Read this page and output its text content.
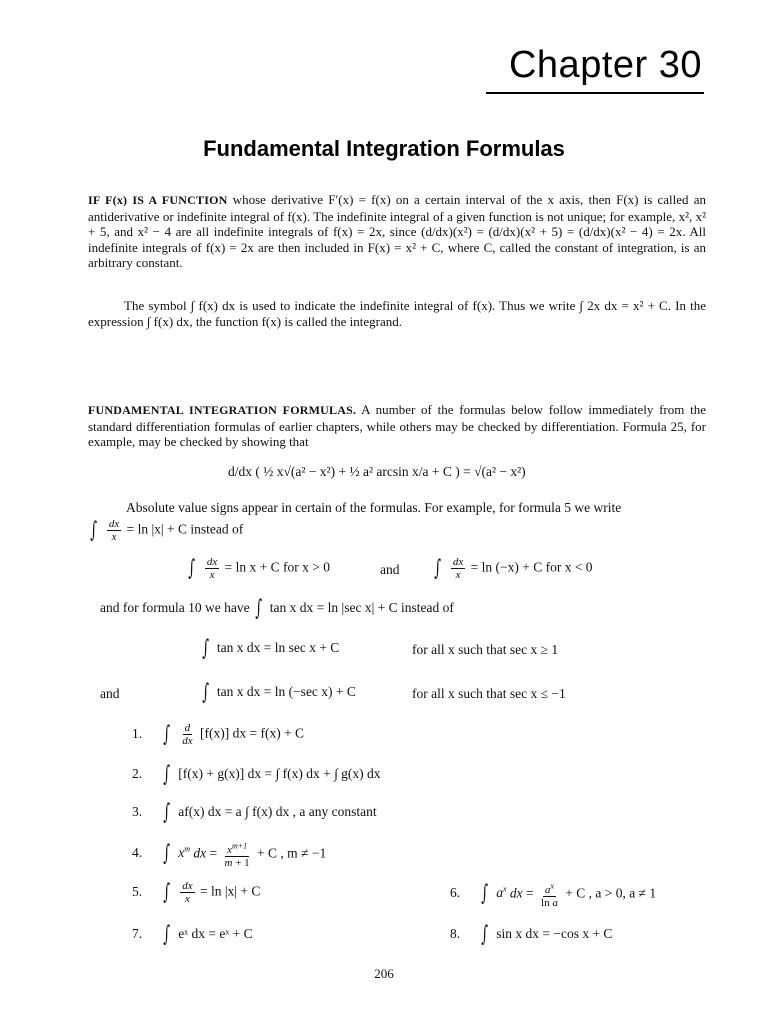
Chapter 30
Fundamental Integration Formulas
IF F(x) IS A FUNCTION whose derivative F′(x) = f(x) on a certain interval of the x axis, then F(x) is called an antiderivative or indefinite integral of f(x). The indefinite integral of a given function is not unique; for example, x², x² + 5, and x² − 4 are all indefinite integrals of f(x) = 2x, since (d/dx)(x²) = (d/dx)(x² + 5) = (d/dx)(x² − 4) = 2x. All indefinite integrals of f(x) = 2x are then included in F(x) = x² + C, where C, called the constant of integration, is an arbitrary constant.
The symbol ∫ f(x) dx is used to indicate the indefinite integral of f(x). Thus we write ∫ 2x dx = x² + C. In the expression ∫ f(x) dx, the function f(x) is called the integrand.
FUNDAMENTAL INTEGRATION FORMULAS. A number of the formulas below follow immediately from the standard differentiation formulas of earlier chapters, while others may be checked by differentiation. Formula 25, for example, may be checked by showing that
d/dx ( ½ x√(a² − x²) + ½ a² arcsin x/a + C ) = √(a² − x²)
Absolute value signs appear in certain of the formulas. For example, for formula 5 we write
∫ $\frac{dx}{x} = \ln |x| + C$ instead of
∫ $\frac{dx}{x} = \ln x + C$ for x > 0	and ∫ $\frac{dx}{x} = \ln (-x) + C$ for x < 0
and for formula 10 we have ∫ tan x dx = ln |sec x| + C instead of
∫ tan x dx = ln sec x + C	for all x such that sec x ≥ 1
and	∫ tan x dx = ln (−sec x) + C	for all x such that sec x ≤ −1
1. ∫ $\frac{d}{dx} [f(x)]$ dx = f(x) + C
2. ∫ [f(x) + g(x)] dx = ∫ f(x) dx + ∫ g(x) dx
3. ∫ af(x) dx = a ∫ f(x) dx , a any constant
4. ∫ $x^m$ dx = $\frac{x^{m+1}}{m + 1} + C$ , m ≠ −1
5. ∫ $\frac{dx}{x} = \ln |x| + C$	6. ∫ $a^x$ dx = $\frac{a^x}{\text{ln a}} + C$ , a > 0, a ≠ 1
7. ∫ eˣ dx = eˣ + C	8. ∫ sin x dx = −cos x + C
206
